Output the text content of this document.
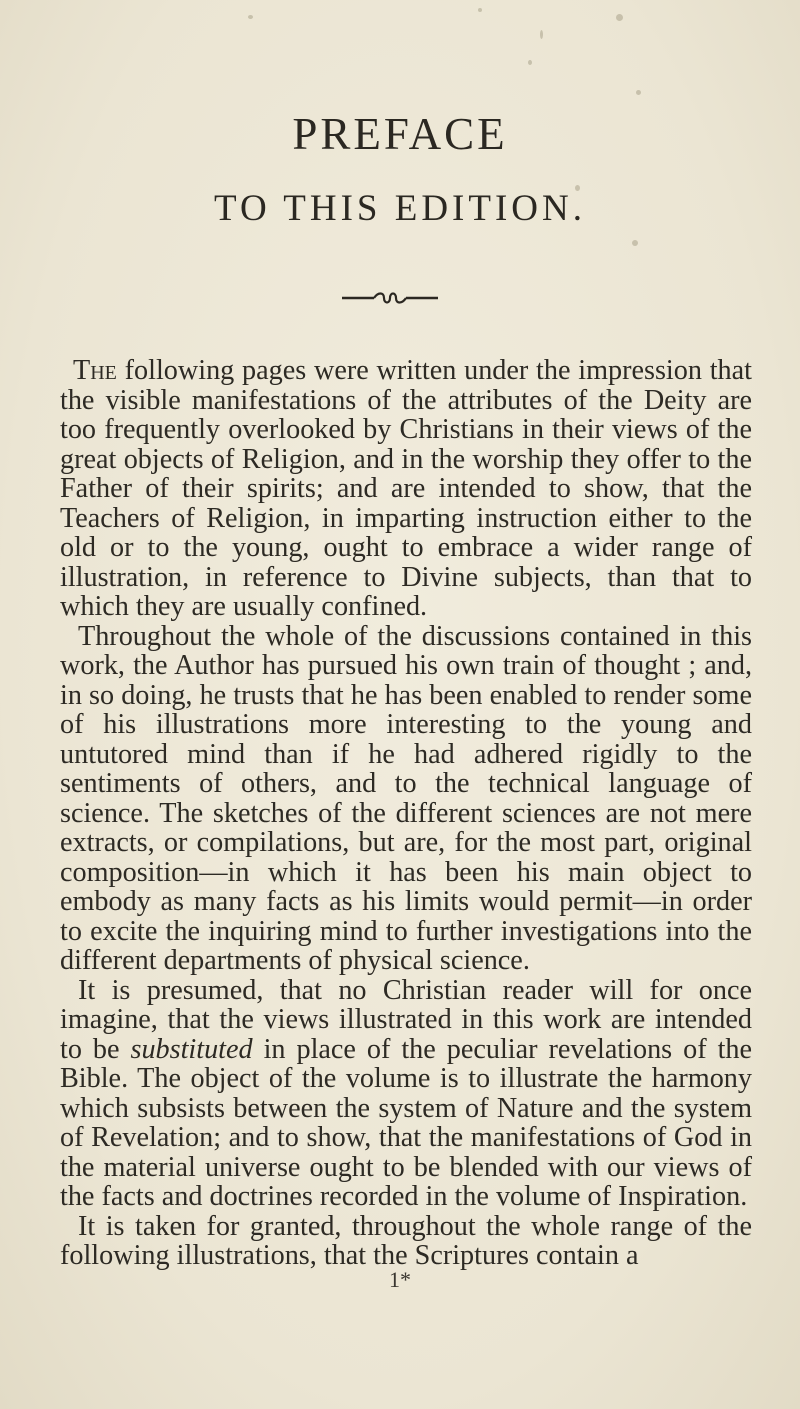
PREFACE
TO THIS EDITION.

The following pages were written under the impression that the visible manifestations of the attributes of the Deity are too frequently overlooked by Christians in their views of the great objects of Religion, and in the worship they offer to the Father of their spirits; and are intended to show, that the Teachers of Religion, in imparting instruction either to the old or to the young, ought to embrace a wider range of illustration, in reference to Divine subjects, than that to which they are usually confined.

Throughout the whole of the discussions contained in this work, the Author has pursued his own train of thought ; and, in so doing, he trusts that he has been enabled to render some of his illustrations more interesting to the young and untutored mind than if he had adhered rigidly to the sentiments of others, and to the technical language of science. The sketches of the different sciences are not mere extracts, or compilations, but are, for the most part, original composition—in which it has been his main object to embody as many facts as his limits would permit—in order to excite the inquiring mind to further investigations into the different departments of physical science.

It is presumed, that no Christian reader will for once imagine, that the views illustrated in this work are intended to be substituted in place of the peculiar revelations of the Bible. The object of the volume is to illustrate the harmony which subsists between the system of Nature and the system of Revelation; and to show, that the manifestations of God in the material universe ought to be blended with our views of the facts and doctrines recorded in the volume of Inspiration.

It is taken for granted, throughout the whole range of the following illustrations, that the Scriptures contain a

1*
